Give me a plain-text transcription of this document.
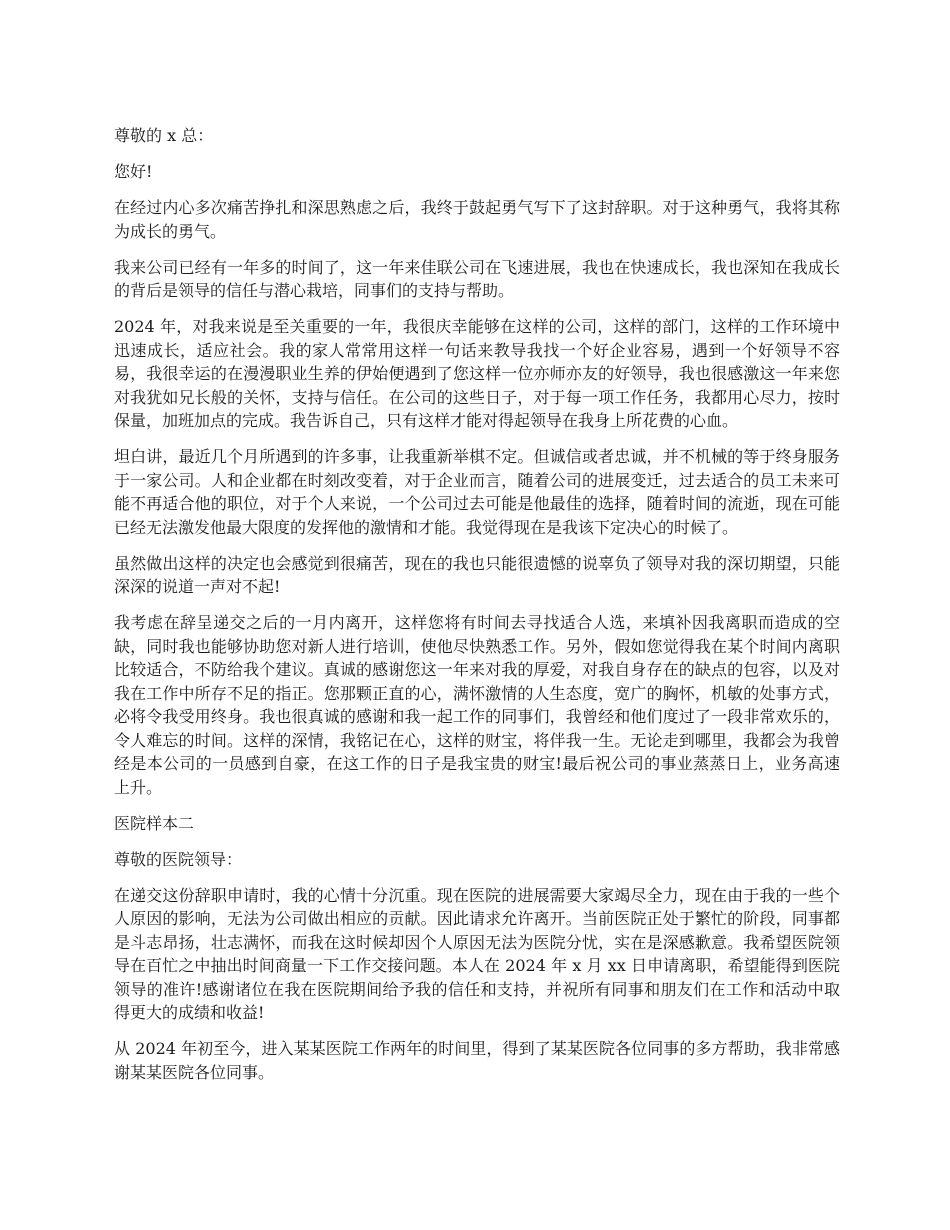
尊敬的 x 总：

您好!

在经过内心多次痛苦挣扎和深思熟虑之后，我终于鼓起勇气写下了这封辞职。对于这种勇气，我将其称为成长的勇气。

我来公司已经有一年多的时间了，这一年来佳联公司在飞速进展，我也在快速成长，我也深知在我成长的背后是领导的信任与潜心栽培，同事们的支持与帮助。

2024 年，对我来说是至关重要的一年，我很庆幸能够在这样的公司，这样的部门，这样的工作环境中迅速成长，适应社会。我的家人常常用这样一句话来教导我找一个好企业容易，遇到一个好领导不容易，我很幸运的在漫漫职业生养的伊始便遇到了您这样一位亦师亦友的好领导，我也很感激这一年来您对我犹如兄长般的关怀，支持与信任。在公司的这些日子，对于每一项工作任务，我都用心尽力，按时保量，加班加点的完成。我告诉自己，只有这样才能对得起领导在我身上所花费的心血。

坦白讲，最近几个月所遇到的许多事，让我重新举棋不定。但诚信或者忠诚，并不机械的等于终身服务于一家公司。人和企业都在时刻改变着，对于企业而言，随着公司的进展变迁，过去适合的员工未来可能不再适合他的职位，对于个人来说，一个公司过去可能是他最佳的选择，随着时间的流逝，现在可能已经无法激发他最大限度的发挥他的激情和才能。我觉得现在是我该下定决心的时候了。

虽然做出这样的决定也会感觉到很痛苦，现在的我也只能很遗憾的说辜负了领导对我的深切期望，只能深深的说道一声对不起!

我考虑在辞呈递交之后的一月内离开，这样您将有时间去寻找适合人选，来填补因我离职而造成的空缺，同时我也能够协助您对新人进行培训，使他尽快熟悉工作。另外，假如您觉得我在某个时间内离职比较适合，不防给我个建议。真诚的感谢您这一年来对我的厚爱，对我自身存在的缺点的包容，以及对我在工作中所存不足的指正。您那颗正直的心，满怀激情的人生态度，宽广的胸怀，机敏的处事方式，必将令我受用终身。我也很真诚的感谢和我一起工作的同事们，我曾经和他们度过了一段非常欢乐的，令人难忘的时间。这样的深情，我铭记在心，这样的财宝，将伴我一生。无论走到哪里，我都会为我曾经是本公司的一员感到自豪，在这工作的日子是我宝贵的财宝!最后祝公司的事业蒸蒸日上，业务高速上升。

医院样本二

尊敬的医院领导：

在递交这份辞职申请时，我的心情十分沉重。现在医院的进展需要大家竭尽全力，现在由于我的一些个人原因的影响，无法为公司做出相应的贡献。因此请求允许离开。当前医院正处于繁忙的阶段，同事都是斗志昂扬，壮志满怀，而我在这时候却因个人原因无法为医院分忧，实在是深感歉意。我希望医院领导在百忙之中抽出时间商量一下工作交接问题。本人在 2024 年 x 月 xx 日申请离职，希望能得到医院领导的准许!感谢诸位在我在医院期间给予我的信任和支持，并祝所有同事和朋友们在工作和活动中取得更大的成绩和收益!

从 2024 年初至今，进入某某医院工作两年的时间里，得到了某某医院各位同事的多方帮助，我非常感谢某某医院各位同事。
